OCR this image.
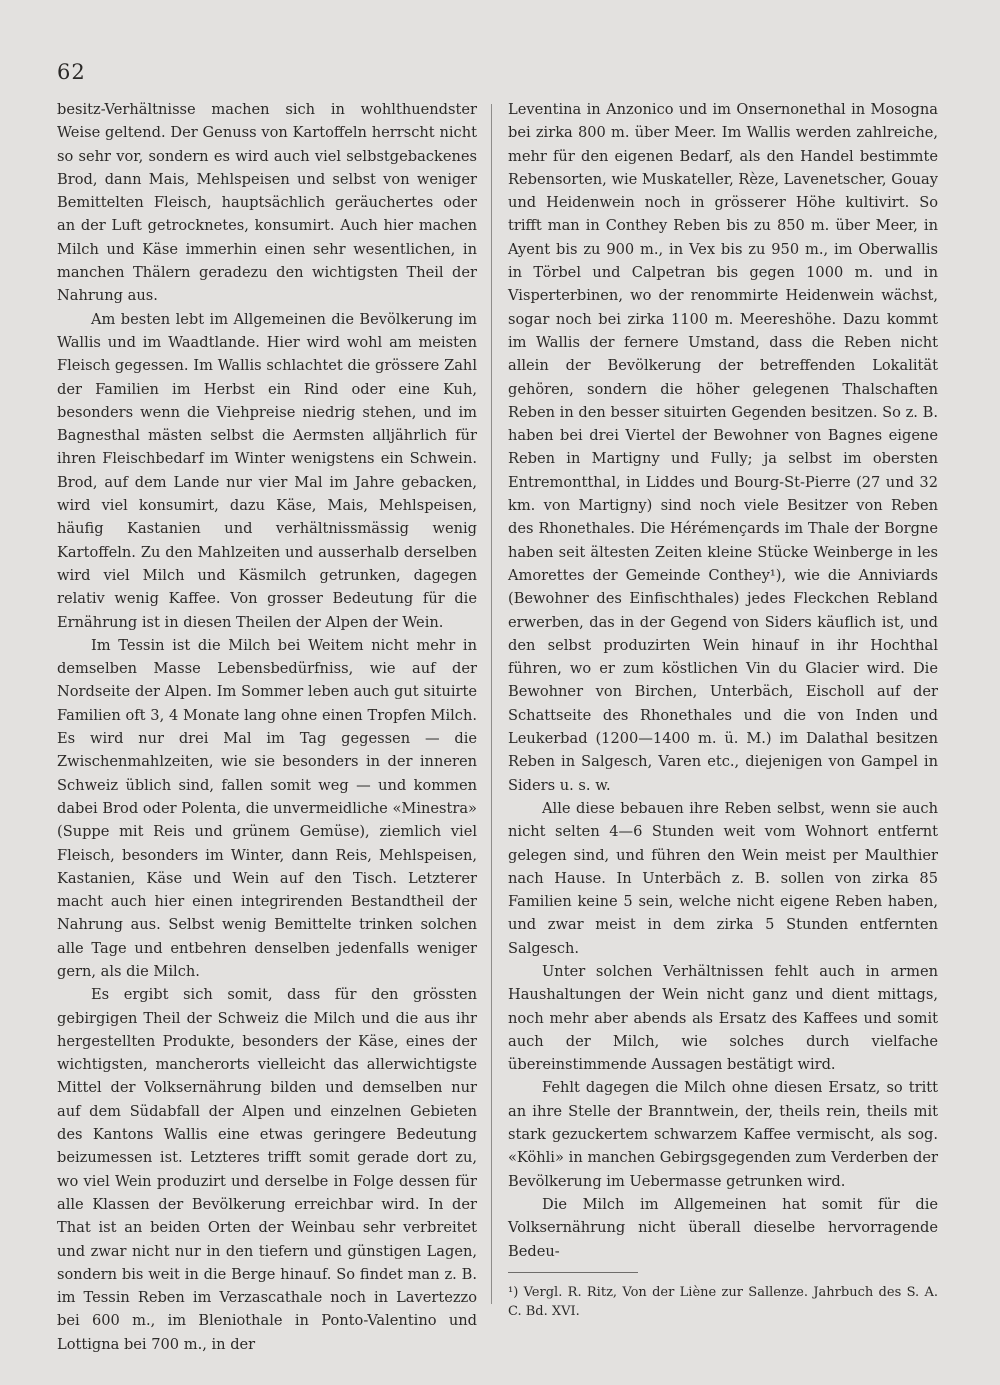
62

besitz-Verhältnisse machen sich in wohlthuendster Weise geltend. Der Genuss von Kartoffeln herrscht nicht so sehr vor, sondern es wird auch viel selbstgebackenes Brod, dann Mais, Mehlspeisen und selbst von weniger Bemittelten Fleisch, hauptsächlich geräuchertes oder an der Luft getrocknetes, konsumirt. Auch hier machen Milch und Käse immerhin einen sehr wesentlichen, in manchen Thälern geradezu den wichtigsten Theil der Nahrung aus.

Am besten lebt im Allgemeinen die Bevölkerung im Wallis und im Waadtlande. Hier wird wohl am meisten Fleisch gegessen. Im Wallis schlachtet die grössere Zahl der Familien im Herbst ein Rind oder eine Kuh, besonders wenn die Viehpreise niedrig stehen, und im Bagnesthal mästen selbst die Aermsten alljährlich für ihren Fleischbedarf im Winter wenigstens ein Schwein. Brod, auf dem Lande nur vier Mal im Jahre gebacken, wird viel konsumirt, dazu Käse, Mais, Mehlspeisen, häufig Kastanien und verhältnissmässig wenig Kartoffeln. Zu den Mahlzeiten und ausserhalb derselben wird viel Milch und Käsmilch getrunken, dagegen relativ wenig Kaffee. Von grosser Bedeutung für die Ernährung ist in diesen Theilen der Alpen der Wein.

Im Tessin ist die Milch bei Weitem nicht mehr in demselben Masse Lebensbedürfniss, wie auf der Nordseite der Alpen. Im Sommer leben auch gut situirte Familien oft 3, 4 Monate lang ohne einen Tropfen Milch. Es wird nur drei Mal im Tag gegessen — die Zwischenmahlzeiten, wie sie besonders in der inneren Schweiz üblich sind, fallen somit weg — und kommen dabei Brod oder Polenta, die unvermeidliche «Minestra» (Suppe mit Reis und grünem Gemüse), ziemlich viel Fleisch, besonders im Winter, dann Reis, Mehlspeisen, Kastanien, Käse und Wein auf den Tisch. Letzterer macht auch hier einen integrirenden Bestandtheil der Nahrung aus. Selbst wenig Bemittelte trinken solchen alle Tage und entbehren denselben jedenfalls weniger gern, als die Milch.

Es ergibt sich somit, dass für den grössten gebirgigen Theil der Schweiz die Milch und die aus ihr hergestellten Produkte, besonders der Käse, eines der wichtigsten, mancherorts vielleicht das allerwichtigste Mittel der Volksernährung bilden und demselben nur auf dem Südabfall der Alpen und einzelnen Gebieten des Kantons Wallis eine etwas geringere Bedeutung beizumessen ist. Letzteres trifft somit gerade dort zu, wo viel Wein produzirt und derselbe in Folge dessen für alle Klassen der Bevölkerung erreichbar wird. In der That ist an beiden Orten der Weinbau sehr verbreitet und zwar nicht nur in den tiefern und günstigen Lagen, sondern bis weit in die Berge hinauf. So findet man z. B. im Tessin Reben im Verzascathale noch in Lavertezzo bei 600 m., im Bleniothale in Ponto-Valentino und Lottigna bei 700 m., in der

Leventina in Anzonico und im Onsernonethal in Mosogna bei zirka 800 m. über Meer. Im Wallis werden zahlreiche, mehr für den eigenen Bedarf, als den Handel bestimmte Rebensorten, wie Muskateller, Rèze, Lavenetscher, Gouay und Heidenwein noch in grösserer Höhe kultivirt. So trifft man in Conthey Reben bis zu 850 m. über Meer, in Ayent bis zu 900 m., in Vex bis zu 950 m., im Oberwallis in Törbel und Calpetran bis gegen 1000 m. und in Visperterbinen, wo der renommirte Heidenwein wächst, sogar noch bei zirka 1100 m. Meereshöhe. Dazu kommt im Wallis der fernere Umstand, dass die Reben nicht allein der Bevölkerung der betreffenden Lokalität gehören, sondern die höher gelegenen Thalschaften Reben in den besser situirten Gegenden besitzen. So z. B. haben bei drei Viertel der Bewohner von Bagnes eigene Reben in Martigny und Fully; ja selbst im obersten Entremontthal, in Liddes und Bourg-St-Pierre (27 und 32 km. von Martigny) sind noch viele Besitzer von Reben des Rhonethales. Die Hérémençards im Thale der Borgne haben seit ältesten Zeiten kleine Stücke Weinberge in les Amorettes der Gemeinde Conthey¹), wie die Anniviards (Bewohner des Einfischthales) jedes Fleckchen Rebland erwerben, das in der Gegend von Siders käuflich ist, und den selbst produzirten Wein hinauf in ihr Hochthal führen, wo er zum köstlichen Vin du Glacier wird. Die Bewohner von Birchen, Unterbäch, Eischoll auf der Schattseite des Rhonethales und die von Inden und Leukerbad (1200—1400 m. ü. M.) im Dalathal besitzen Reben in Salgesch, Varen etc., diejenigen von Gampel in Siders u. s. w.

Alle diese bebauen ihre Reben selbst, wenn sie auch nicht selten 4—6 Stunden weit vom Wohnort entfernt gelegen sind, und führen den Wein meist per Maulthier nach Hause. In Unterbäch z. B. sollen von zirka 85 Familien keine 5 sein, welche nicht eigene Reben haben, und zwar meist in dem zirka 5 Stunden entfernten Salgesch.

Unter solchen Verhältnissen fehlt auch in armen Haushaltungen der Wein nicht ganz und dient mittags, noch mehr aber abends als Ersatz des Kaffees und somit auch der Milch, wie solches durch vielfache übereinstimmende Aussagen bestätigt wird.

Fehlt dagegen die Milch ohne diesen Ersatz, so tritt an ihre Stelle der Branntwein, der, theils rein, theils mit stark gezuckertem schwarzem Kaffee vermischt, als sog. «Köhli» in manchen Gebirgsgegenden zum Verderben der Bevölkerung im Uebermasse getrunken wird.

Die Milch im Allgemeinen hat somit für die Volksernährung nicht überall dieselbe hervorragende Bedeu-

¹) Vergl. R. Ritz, Von der Liène zur Sallenze. Jahrbuch des S. A. C. Bd. XVI.
